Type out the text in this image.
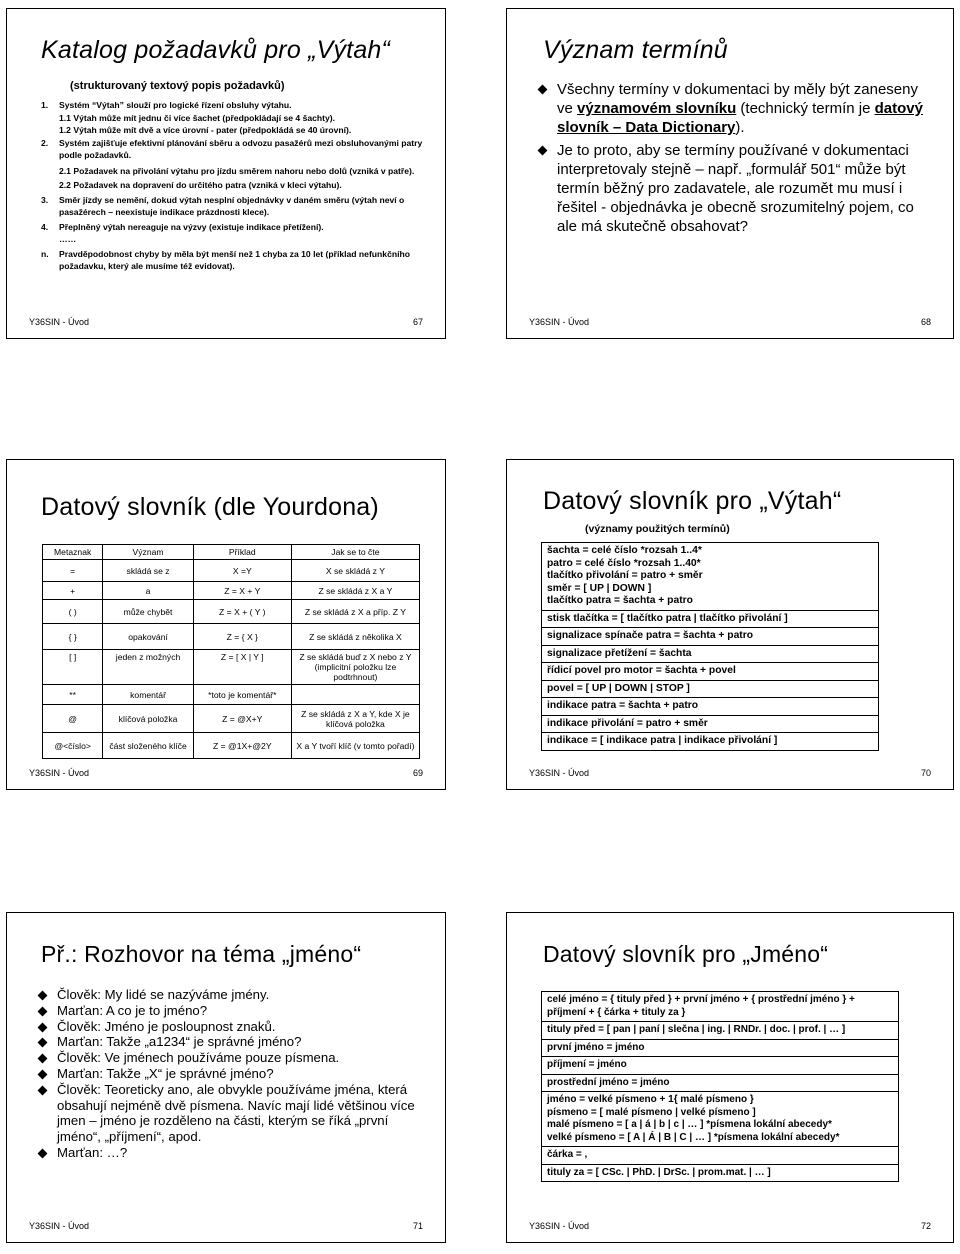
Katalog požadavků pro „Výtah“
(strukturovaný textový popis požadavků)
1.	Systém “Výtah” slouží pro logické řízení obsluhy výtahu.
1.1 Výtah může mít jednu či více šachet (předpokládají se 4 šachty).
1.2 Výtah může mít dvě a více úrovní - pater (předpokládá se 40 úrovní).
2.	Systém zajišťuje efektivní plánování sběru a odvozu pasažérů mezi obsluhovanými patry podle požadavků.
2.1 Požadavek na přivolání výtahu pro jízdu směrem nahoru nebo dolů (vzniká v patře).
2.2 Požadavek na dopravení do určitého patra (vzniká v kleci výtahu).
3.	Směr jízdy se nemění, dokud výtah nesplní objednávky v daném směru (výtah neví o pasažérech – neexistuje indikace prázdnosti klece).
4.	Přeplněný výtah nereaguje na výzvy (existuje indikace přetížení).
……
n.	Pravděpodobnost chyby by měla být menší než 1 chyba za 10 let (příklad nefunkčního požadavku, který ale musíme též evidovat).
Y36SIN - Úvod	67
Význam termínů
Všechny termíny v dokumentaci by měly být zaneseny ve významovém slovníku (technický termín je datový slovník – Data Dictionary).
Je to proto, aby se termíny používané v dokumentaci interpretovaly stejně – např. „formulář 501“ může být termín běžný pro zadavatele, ale rozumět mu musí i řešitel - objednávka je obecně srozumitelný pojem, co ale má skutečně obsahovat?
Y36SIN - Úvod	68
Datový slovník (dle Yourdona)
Metaznak	Význam	Příklad	Jak se to čte
=	skládá se z	X =Y	X se skládá z Y
+	a	Z = X + Y	Z se skládá z X a Y
( )	může chybět	Z = X + ( Y )	Z se skládá z X a příp. Z Y
{ }	opakování	Z = { X }	Z se skládá z několika X
[ ]	jeden z možných	Z = [ X | Y ]	Z se skládá buď z X nebo z Y (implicitní položku lze podtrhnout)
**	komentář	*toto je komentář*	
@	klíčová položka	Z = @X+Y	Z se skládá z X a Y, kde X je klíčová položka
@<číslo>	část složeného klíče	Z = @1X+@2Y	X a Y tvoří klíč (v tomto pořadí)
Y36SIN - Úvod	69
Datový slovník pro „Výtah“
(významy použitých termínů)
šachta = celé číslo *rozsah 1..4*
patro = celé číslo *rozsah 1..40*
tlačítko přivolání = patro + směr
směr = [ UP | DOWN ]
tlačítko patra = šachta + patro
stisk tlačítka = [ tlačítko patra | tlačítko přivolání ]
signalizace spínače patra = šachta + patro
signalizace přetížení = šachta
řídicí povel pro motor = šachta + povel
povel = [ UP | DOWN | STOP ]
indikace patra = šachta + patro
indikace přivolání = patro + směr
indikace = [ indikace patra | indikace přivolání ]
Y36SIN - Úvod	70
Př.: Rozhovor na téma „jméno“
Člověk: My lidé se nazýváme jmény.
Marťan: A co je to jméno?
Člověk: Jméno je posloupnost znaků.
Marťan: Takže „a1234“ je správné jméno?
Člověk: Ve jménech používáme pouze písmena.
Marťan: Takže „X“ je správné jméno?
Člověk: Teoreticky ano, ale obvykle používáme jména, která obsahují nejméně dvě písmena. Navíc mají lidé většinou více jmen – jméno je rozděleno na části, kterým se říká „první jméno“, „příjmení“, apod.
Marťan: …?
Y36SIN - Úvod	71
Datový slovník pro „Jméno“
celé jméno = { tituly před } + první jméno + { prostřední jméno } + příjmení + { čárka + tituly za }
tituly před = [ pan | paní | slečna | ing. | RNDr. | doc. | prof. | … ]
první jméno = jméno
příjmení = jméno
prostřední jméno = jméno
jméno = velké písmeno + 1{ malé písmeno }
písmeno = [ malé písmeno | velké písmeno ]
malé písmeno = [ a | á | b | c | … ] *písmena lokální abecedy*
velké písmeno = [ A | Á | B | C | … ] *písmena lokální abecedy*
čárka = ,
tituly za = [ CSc. | PhD. | DrSc. | prom.mat. | … ]
Y36SIN - Úvod	72
